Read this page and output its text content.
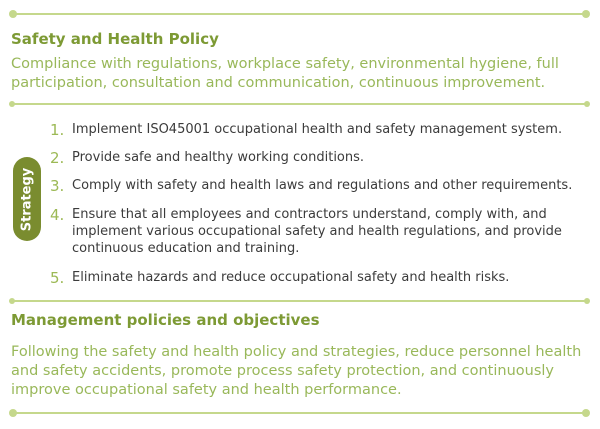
Safety and Health Policy

Compliance with regulations, workplace safety, environmental hygiene, full participation, consultation and communication, continuous improvement.

Strategy
1. Implement ISO45001 occupational health and safety management system.
2. Provide safe and healthy working conditions.
3. Comply with safety and health laws and regulations and other requirements.
4. Ensure that all employees and contractors understand, comply with, and implement various occupational safety and health regulations, and provide continuous education and training.
5. Eliminate hazards and reduce occupational safety and health risks.
Management policies and objectives

Following the safety and health policy and strategies, reduce personnel health and safety accidents, promote process safety protection, and continuously improve occupational safety and health performance.
